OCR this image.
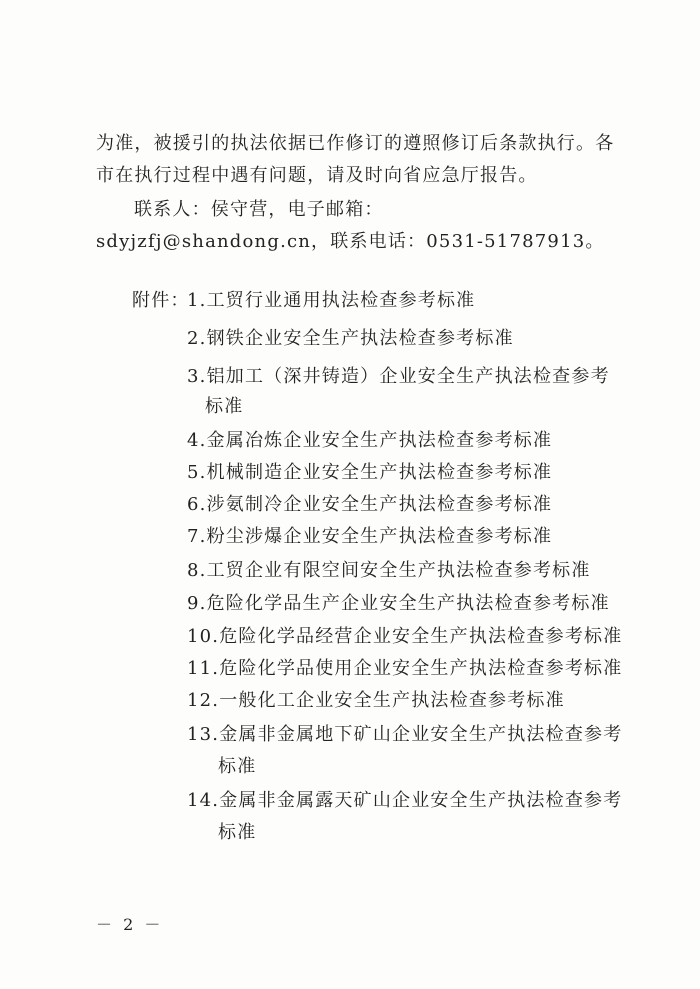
为准，被援引的执法依据已作修订的遵照修订后条款执行。各市在执行过程中遇有问题，请及时向省应急厅报告。

联系人：侯守营，电子邮箱：sdyjzfj@shandong.cn，联系电话：0531-51787913。

附件：
1.工贸行业通用执法检查参考标准
2.钢铁企业安全生产执法检查参考标准
3.铝加工（深井铸造）企业安全生产执法检查参考
标准
4.金属冶炼企业安全生产执法检查参考标准
5.机械制造企业安全生产执法检查参考标准
6.涉氨制冷企业安全生产执法检查参考标准
7.粉尘涉爆企业安全生产执法检查参考标准
8.工贸企业有限空间安全生产执法检查参考标准
9.危险化学品生产企业安全生产执法检查参考标准
10.危险化学品经营企业安全生产执法检查参考标准
11.危险化学品使用企业安全生产执法检查参考标准
12.一般化工企业安全生产执法检查参考标准
13.金属非金属地下矿山企业安全生产执法检查参考
标准
14.金属非金属露天矿山企业安全生产执法检查参考
标准
－ 2 －
